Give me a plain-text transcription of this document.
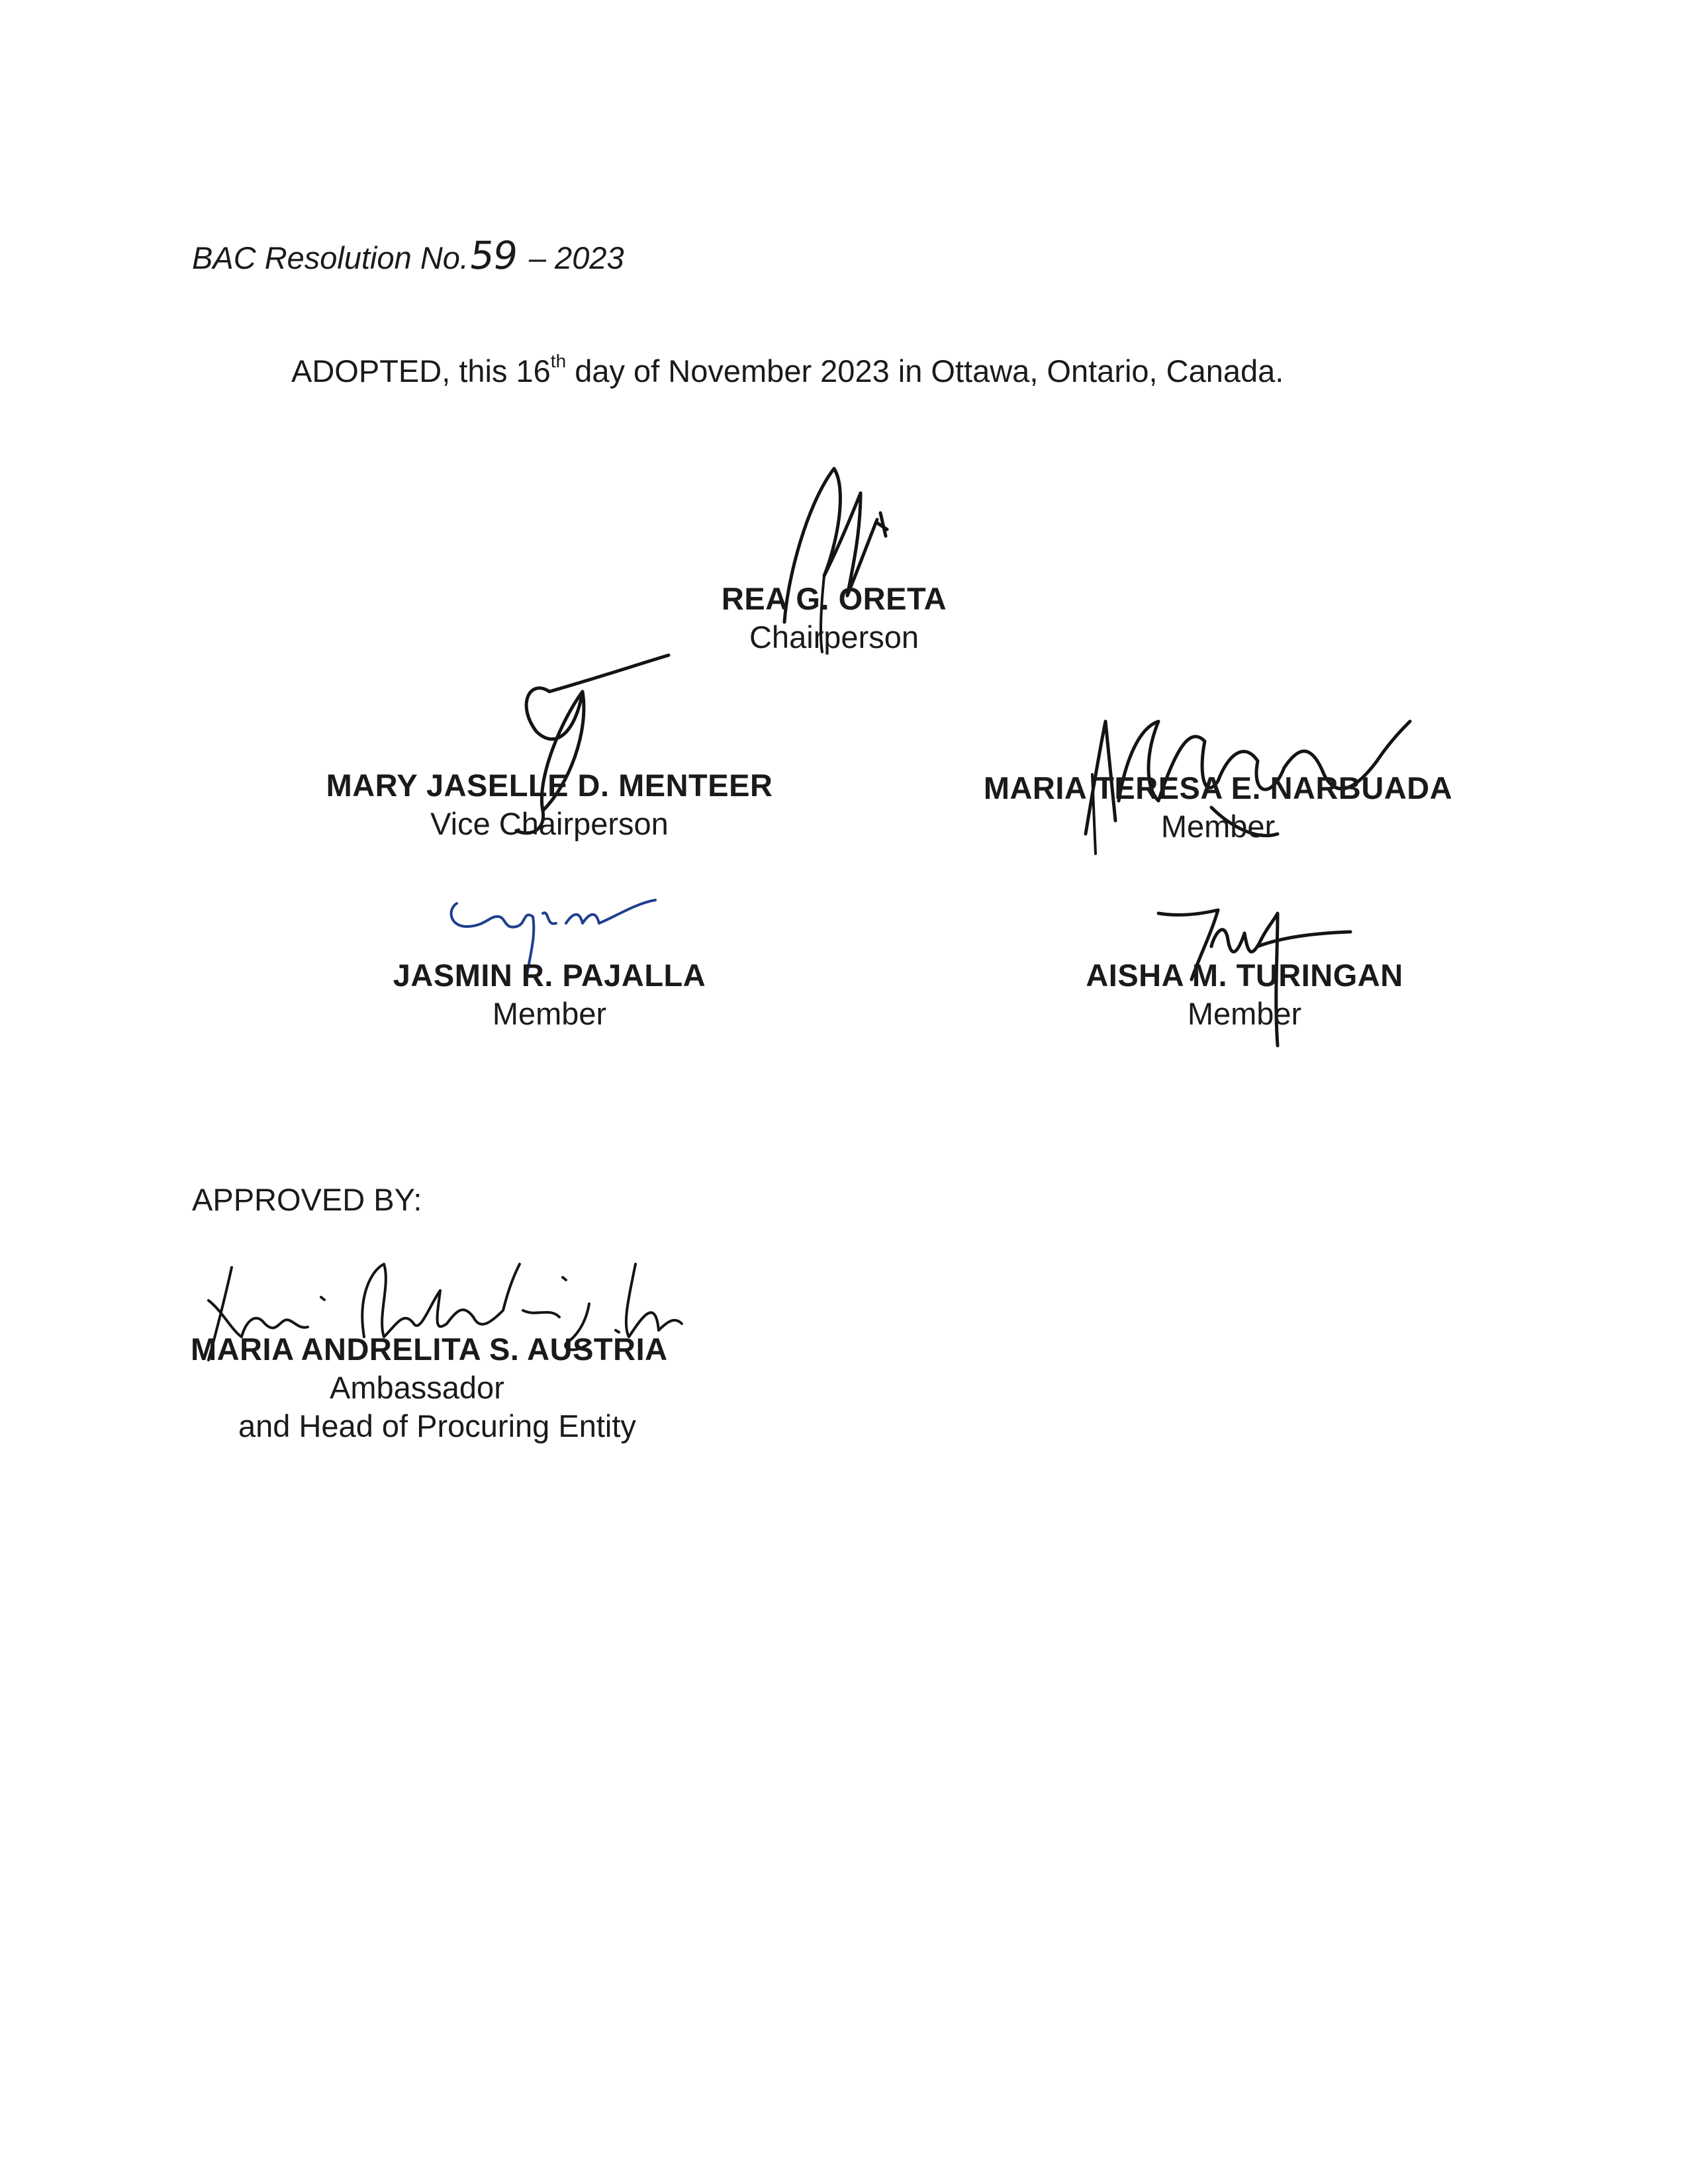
BAC Resolution No.59 – 2023
ADOPTED, this 16th day of November 2023 in Ottawa, Ontario, Canada.
REA G. ORETA
Chairperson
MARY JASELLE D. MENTEER
Vice Chairperson
MARIA TERESA E. NARBUADA
Member
JASMIN R. PAJALLA
Member
AISHA M. TURINGAN
Member
APPROVED BY:
MARIA ANDRELITA S. AUSTRIA
Ambassador
and Head of Procuring Entity
